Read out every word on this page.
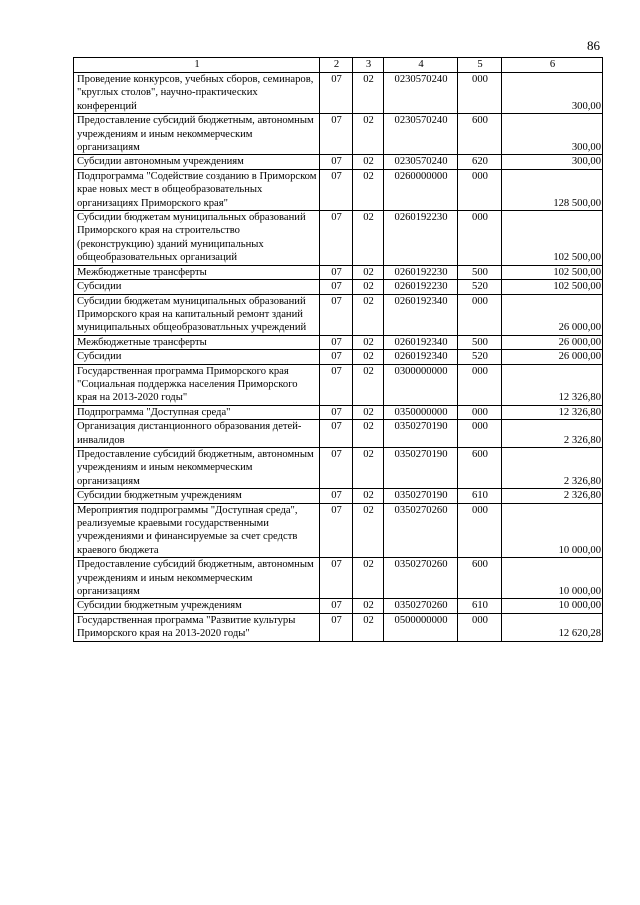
86
1	2	3	4	5	6
Проведение конкурсов, учебных сборов, семинаров, "круглых столов", научно-практических конференций	07	02	0230570240	000	300,00
Предоставление субсидий бюджетным, автономным учреждениям и иным некоммерческим организациям	07	02	0230570240	600	300,00
Субсидии автономным учреждениям	07	02	0230570240	620	300,00
Подпрограмма "Содействие созданию в Приморском крае новых мест в общеобразовательных организациях Приморского края"	07	02	0260000000	000	128 500,00
Субсидии бюджетам муниципальных образований Приморского края на строительство (реконструкцию) зданий муниципальных общеобразовательных организаций	07	02	0260192230	000	102 500,00
Межбюджетные трансферты	07	02	0260192230	500	102 500,00
Субсидии	07	02	0260192230	520	102 500,00
Субсидии бюджетам муниципальных образований Приморского края на капитальный ремонт зданий муниципальных общеобразоватльных учреждений	07	02	0260192340	000	26 000,00
Межбюджетные трансферты	07	02	0260192340	500	26 000,00
Субсидии	07	02	0260192340	520	26 000,00
Государственная программа Приморского края "Социальная поддержка населения Приморского края на 2013-2020 годы"	07	02	0300000000	000	12 326,80
Подпрограмма "Доступная среда"	07	02	0350000000	000	12 326,80
Организация дистанционного образования детей-инвалидов	07	02	0350270190	000	2 326,80
Предоставление субсидий бюджетным, автономным учреждениям и иным некоммерческим организациям	07	02	0350270190	600	2 326,80
Субсидии бюджетным учреждениям	07	02	0350270190	610	2 326,80
Мероприятия подпрограммы "Доступная среда", реализуемые краевыми государственными учреждениями и финансируемые за счет средств краевого бюджета	07	02	0350270260	000	10 000,00
Предоставление субсидий бюджетным, автономным учреждениям и иным некоммерческим организациям	07	02	0350270260	600	10 000,00
Субсидии бюджетным учреждениям	07	02	0350270260	610	10 000,00
Государственная программа "Развитие культуры Приморского края на 2013-2020 годы"	07	02	0500000000	000	12 620,28
